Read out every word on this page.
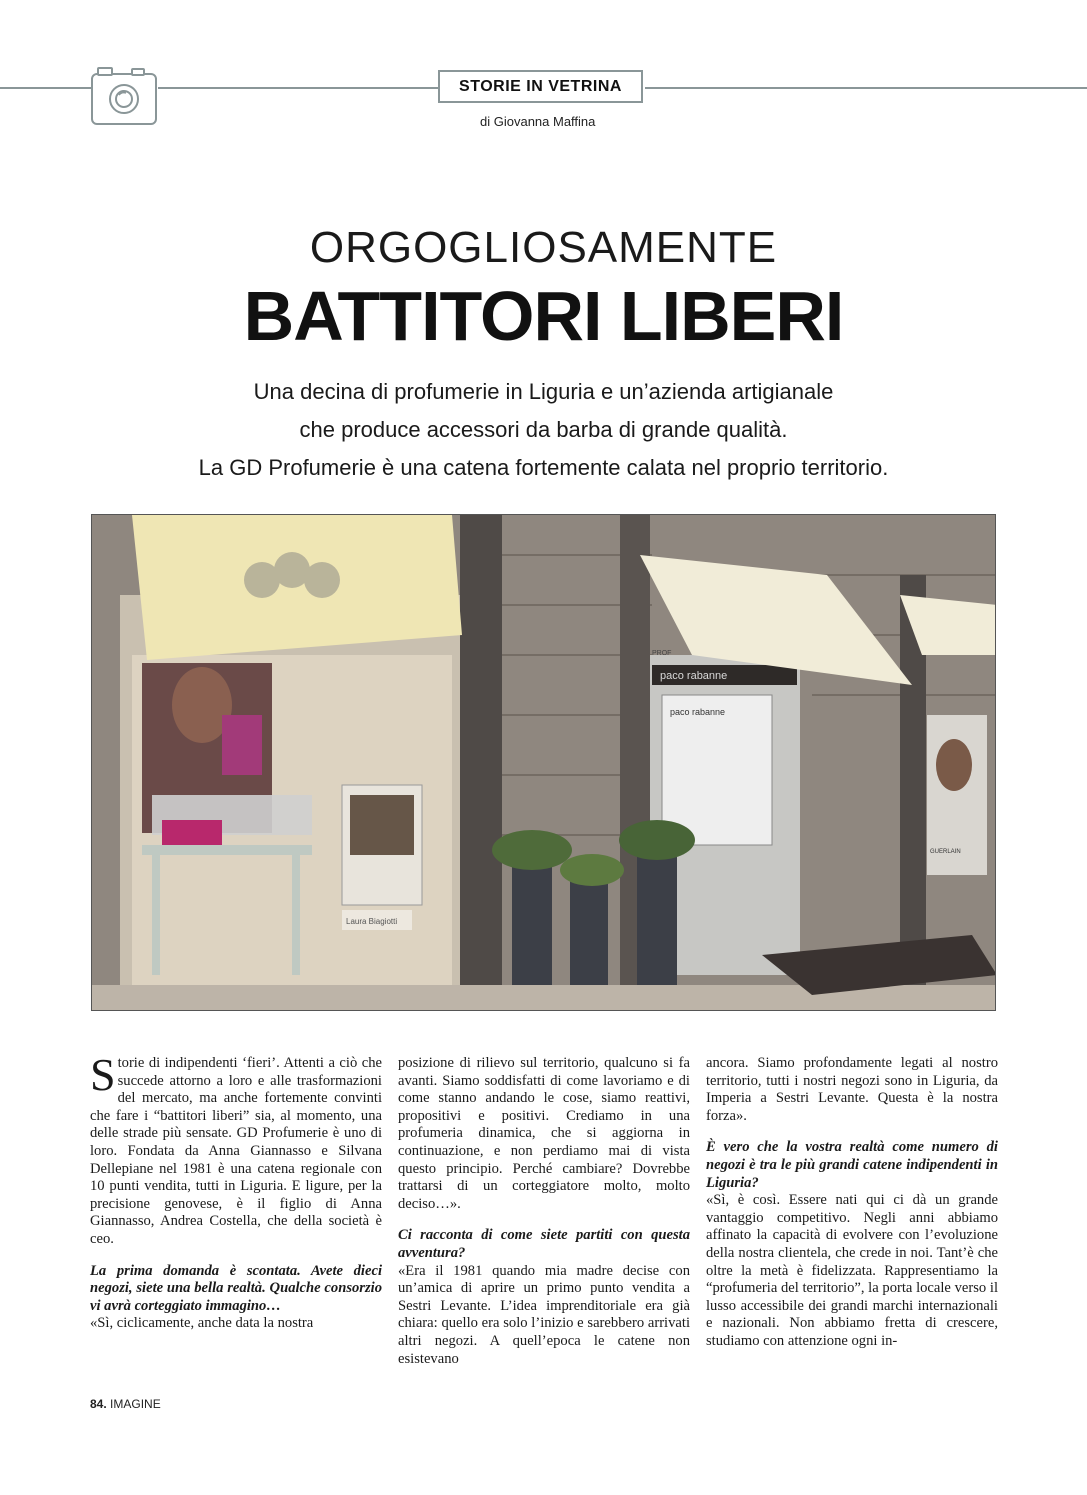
STORIE IN VETRINA
di Giovanna Maffina
ORGOGLIOSAMENTE
BATTITORI LIBERI
Una decina di profumerie in Liguria e un’azienda artigianale
che produce accessori da barba di grande qualità.
La GD Profumerie è una catena fortemente calata nel proprio territorio.
paco rabanne
paco rabanne
PROF
GUERLAIN
Laura Biagiotti

Storie di indipendenti ‘fieri’. Attenti a ciò che succede attorno a loro e alle trasformazioni del mercato, ma anche fortemente convinti che fare i “battitori liberi” sia, al momento, una delle strade più sensate. GD Profumerie è uno di loro. Fondata da Anna Giannasso e Silvana Dellepiane nel 1981 è una catena regionale con 10 punti vendita, tutti in Liguria. E ligure, per la precisione genovese, è il figlio di Anna Giannasso, Andrea Costella, che della società è ceo.

La prima domanda è scontata. Avete dieci negozi, siete una bella realtà. Qualche consorzio vi avrà corteggiato immagino…

«Sì, ciclicamente, anche data la nostra

posizione di rilievo sul territorio, qualcuno si fa avanti. Siamo soddisfatti di come lavoriamo e di come stanno andando le cose, siamo reattivi, propositivi e positivi. Crediamo in una profumeria dinamica, che si aggiorna in continuazione, e non perdiamo mai di vista questo principio. Perché cambiare? Dovrebbe trattarsi di un corteggiatore molto, molto deciso…».

Ci racconta di come siete partiti con questa avventura?

«Era il 1981 quando mia madre decise con un’amica di aprire un primo punto vendita a Sestri Levante. L’idea imprenditoriale era già chiara: quello era solo l’inizio e sarebbero arrivati altri negozi. A quell’epoca le catene non esistevano

ancora. Siamo profondamente legati al nostro territorio, tutti i nostri negozi sono in Liguria, da Imperia a Sestri Levante. Questa è la nostra forza».

È vero che la vostra realtà come numero di negozi è tra le più grandi catene indipendenti in Liguria?

«Sì, è così. Essere nati qui ci dà un grande vantaggio competitivo. Negli anni abbiamo affinato la capacità di evolvere con l’evoluzione della nostra clientela, che crede in noi. Tant’è che oltre la metà è fidelizzata. Rappresentiamo la “profumeria del territorio”, la porta locale verso il lusso accessibile dei grandi marchi internazionali e nazionali. Non abbiamo fretta di crescere, studiamo con attenzione ogni in-

84. IMAGINE
